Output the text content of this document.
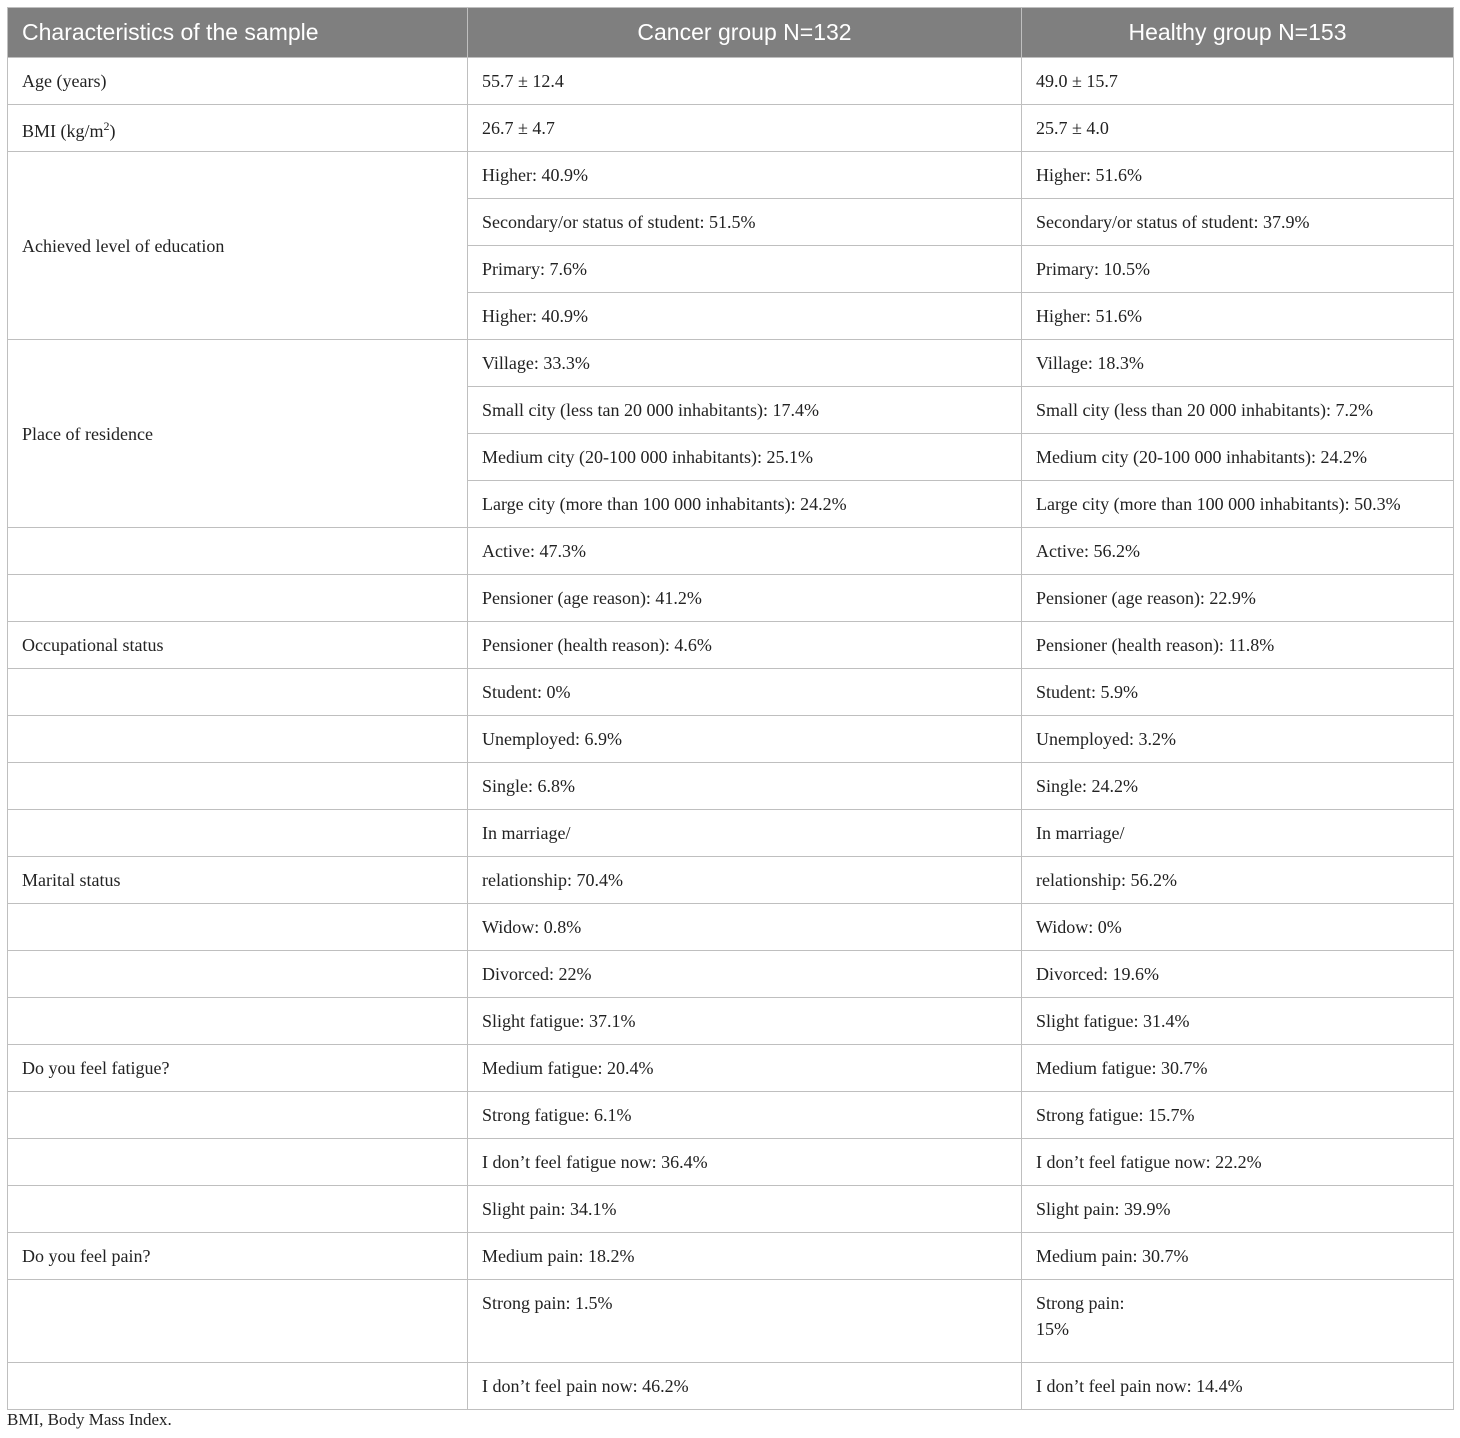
Characteristics of the sample	Cancer group N=132	Healthy group N=153
Age (years)	55.7 ± 12.4	49.0 ± 15.7
BMI $(kg/m^2)$	26.7 ± 4.7	25.7 ± 4.0
Achieved level of education	Higher: 40.9%	Higher: 51.6%
	Secondary/or status of student: 51.5%	Secondary/or status of student: 37.9%
	Primary: 7.6%	Primary: 10.5%
	Higher: 40.9%	Higher: 51.6%
Place of residence	Village: 33.3%	Village: 18.3%
	Small city (less tan 20 000 inhabitants): 17.4%	Small city (less than 20 000 inhabitants): 7.2%
	Medium city (20-100 000 inhabitants): 25.1%	Medium city (20-100 000 inhabitants): 24.2%
	Large city (more than 100 000 inhabitants): 24.2%	Large city (more than 100 000 inhabitants): 50.3%
	Active: 47.3%	Active: 56.2%
	Pensioner (age reason): 41.2%	Pensioner (age reason): 22.9%
Occupational status	Pensioner (health reason): 4.6%	Pensioner (health reason): 11.8%
	Student: 0%	Student: 5.9%
	Unemployed: 6.9%	Unemployed: 3.2%
	Single: 6.8%	Single: 24.2%
	In marriage/	In marriage/
Marital status	relationship: 70.4%	relationship: 56.2%
	Widow: 0.8%	Widow: 0%
	Divorced: 22%	Divorced: 19.6%
	Slight fatigue: 37.1%	Slight fatigue: 31.4%
Do you feel fatigue?	Medium fatigue: 20.4%	Medium fatigue: 30.7%
	Strong fatigue: 6.1%	Strong fatigue: 15.7%
	I don’t feel fatigue now: 36.4%	I don’t feel fatigue now: 22.2%
	Slight pain: 34.1%	Slight pain: 39.9%
Do you feel pain?	Medium pain: 18.2%	Medium pain: 30.7%
	Strong pain: 1.5%	Strong pain:
15%

	I don’t feel pain now: 46.2%	I don’t feel pain now: 14.4%
BMI, Body Mass Index.
